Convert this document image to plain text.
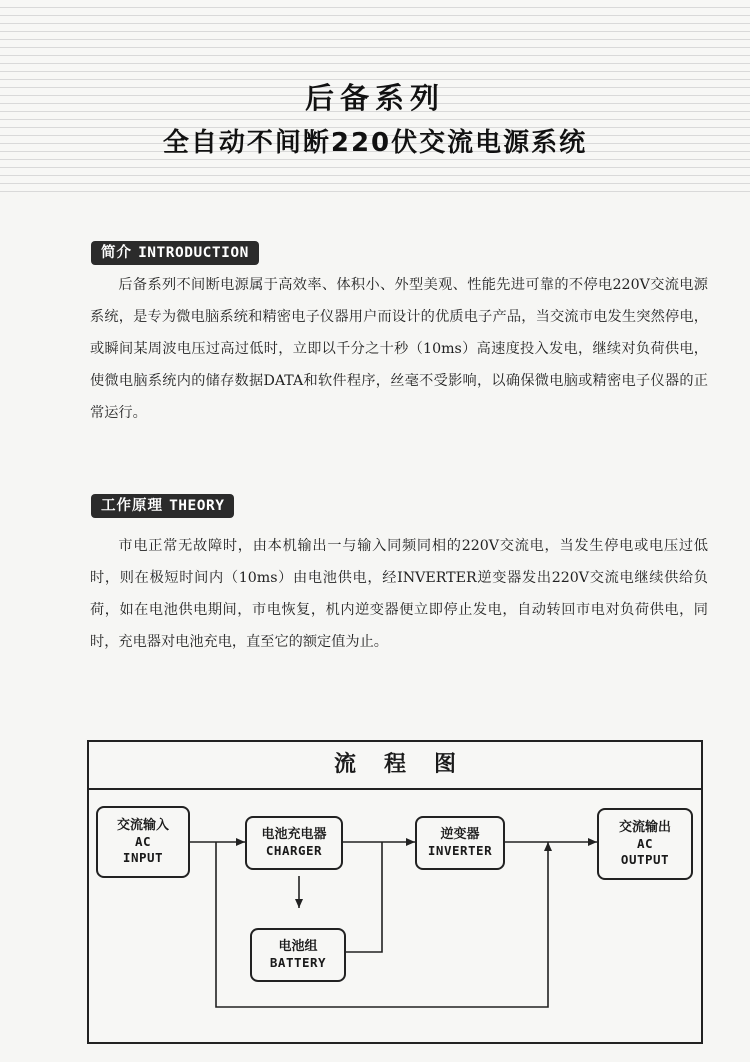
后备系列
全自动不间断220伏交流电源系统
简介 INTRODUCTION

后备系列不间断电源属于高效率、体积小、外型美观、性能先进可靠的不停电220V交流电源系统，是专为微电脑系统和精密电子仪器用户而设计的优质电子产品，当交流市电发生突然停电，或瞬间某周波电压过高过低时，立即以千分之十秒（10ms）高速度投入发电，继续对负荷供电，使微电脑系统内的储存数据DATA和软件程序，丝毫不受影响，以确保微电脑或精密电子仪器的正常运行。

工作原理 THEORY

市电正常无故障时，由本机输出一与输入同频同相的220V交流电，当发生停电或电压过低时，则在极短时间内（10ms）由电池供电，经INVERTER逆变器发出220V交流电继续供给负荷，如在电池供电期间，市电恢复，机内逆变器便立即停止发电，自动转回市电对负荷供电，同时，充电器对电池充电，直至它的额定值为止。

流程图
交流输入
AC
INPUT
电池充电器
CHARGER
电池组
BATTERY
逆变器
INVERTER
交流输出
AC
OUTPUT
